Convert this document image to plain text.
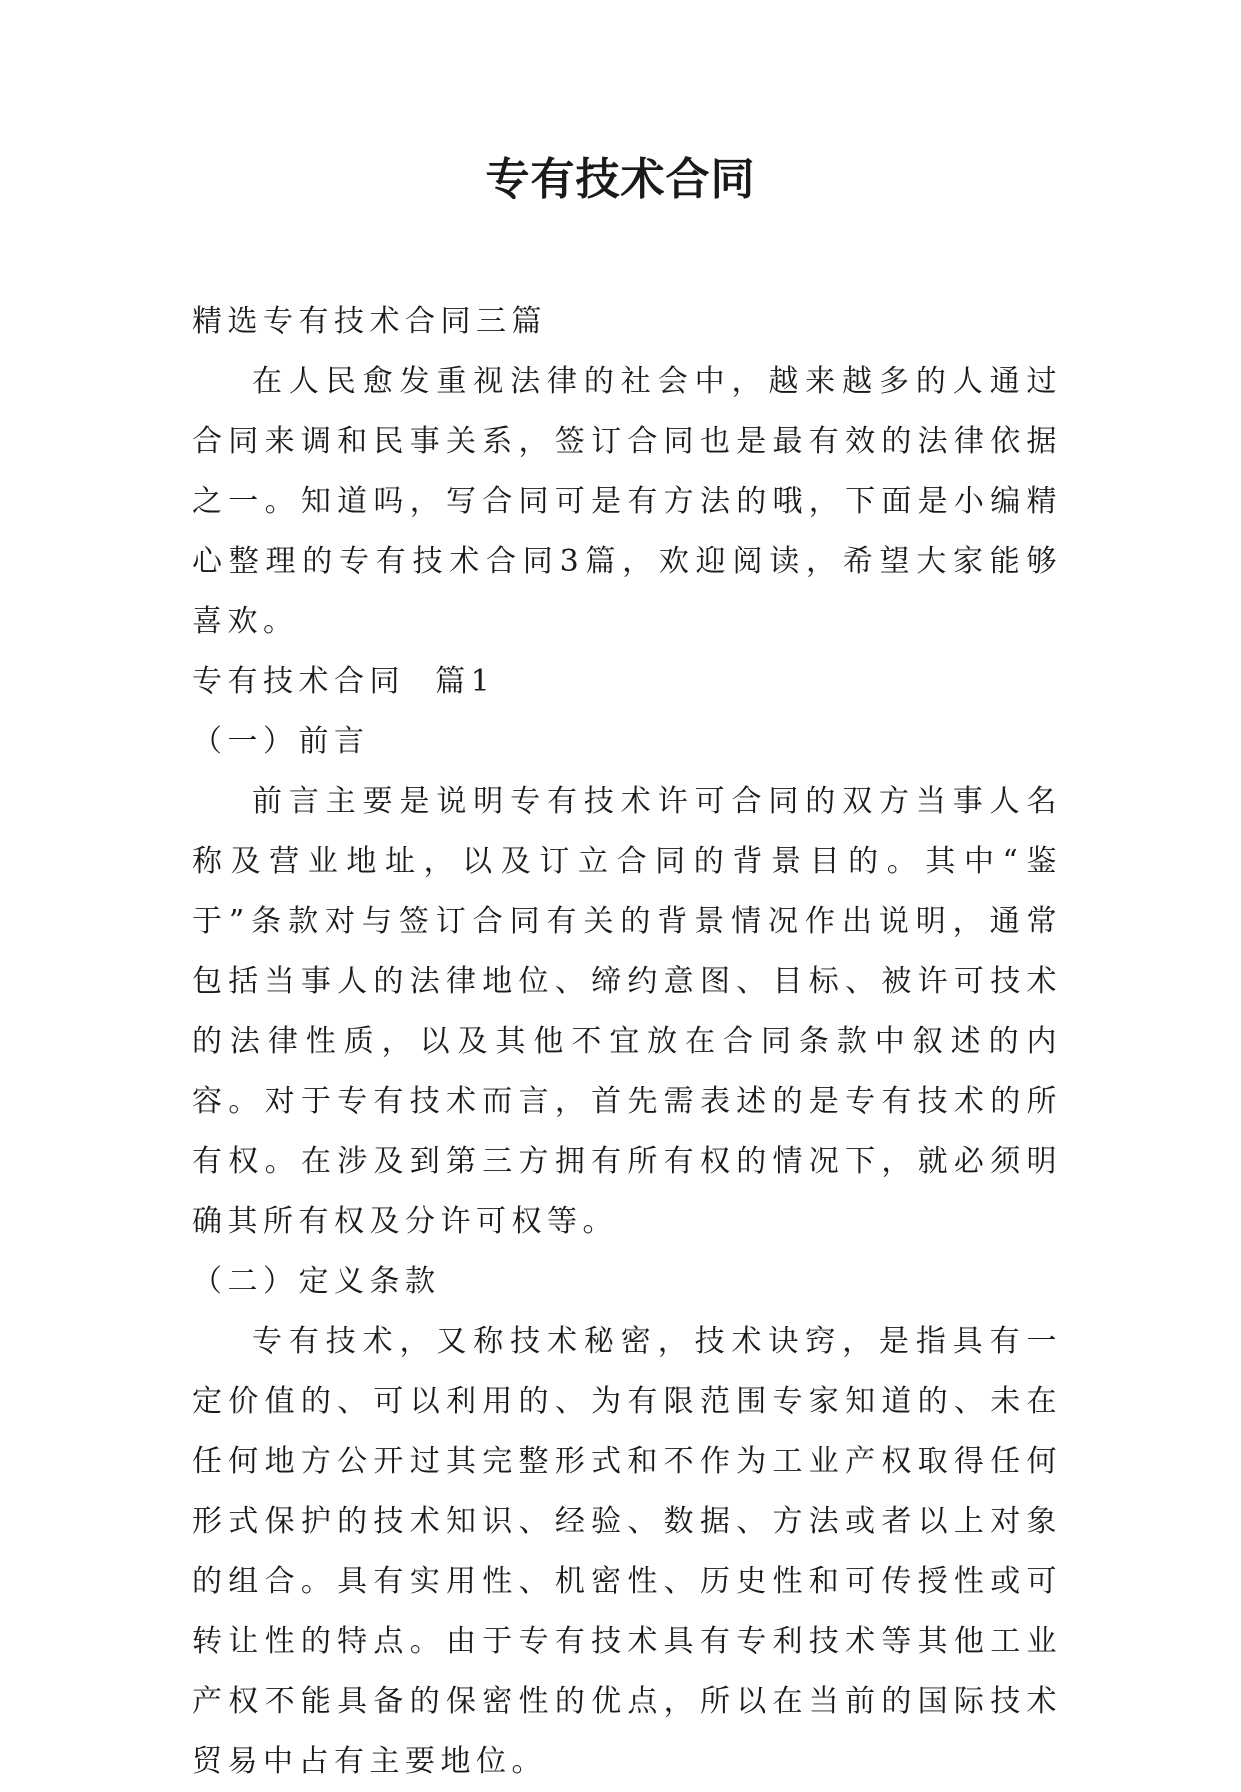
专有技术合同

精选专有技术合同三篇

在人民愈发重视法律的社会中，越来越多的人通过合同来调和民事关系，签订合同也是最有效的法律依据之一。知道吗，写合同可是有方法的哦，下面是小编精心整理的专有技术合同3篇，欢迎阅读，希望大家能够喜欢。

专有技术合同  篇1

（一）前言

前言主要是说明专有技术许可合同的双方当事人名称及营业地址，以及订立合同的背景目的。其中“鉴于”条款对与签订合同有关的背景情况作出说明，通常包括当事人的法律地位、缔约意图、目标、被许可技术的法律性质，以及其他不宜放在合同条款中叙述的内容。对于专有技术而言，首先需表述的是专有技术的所有权。在涉及到第三方拥有所有权的情况下，就必须明确其所有权及分许可权等。

（二）定义条款

专有技术，又称技术秘密，技术诀窍，是指具有一定价值的、可以利用的、为有限范围专家知道的、未在任何地方公开过其完整形式和不作为工业产权取得任何形式保护的技术知识、经验、数据、方法或者以上对象的组合。具有实用性、机密性、历史性和可传授性或可转让性的特点。由于专有技术具有专利技术等其他工业产权不能具备的保密性的优点，所以在当前的国际技术贸易中占有主要地位。
